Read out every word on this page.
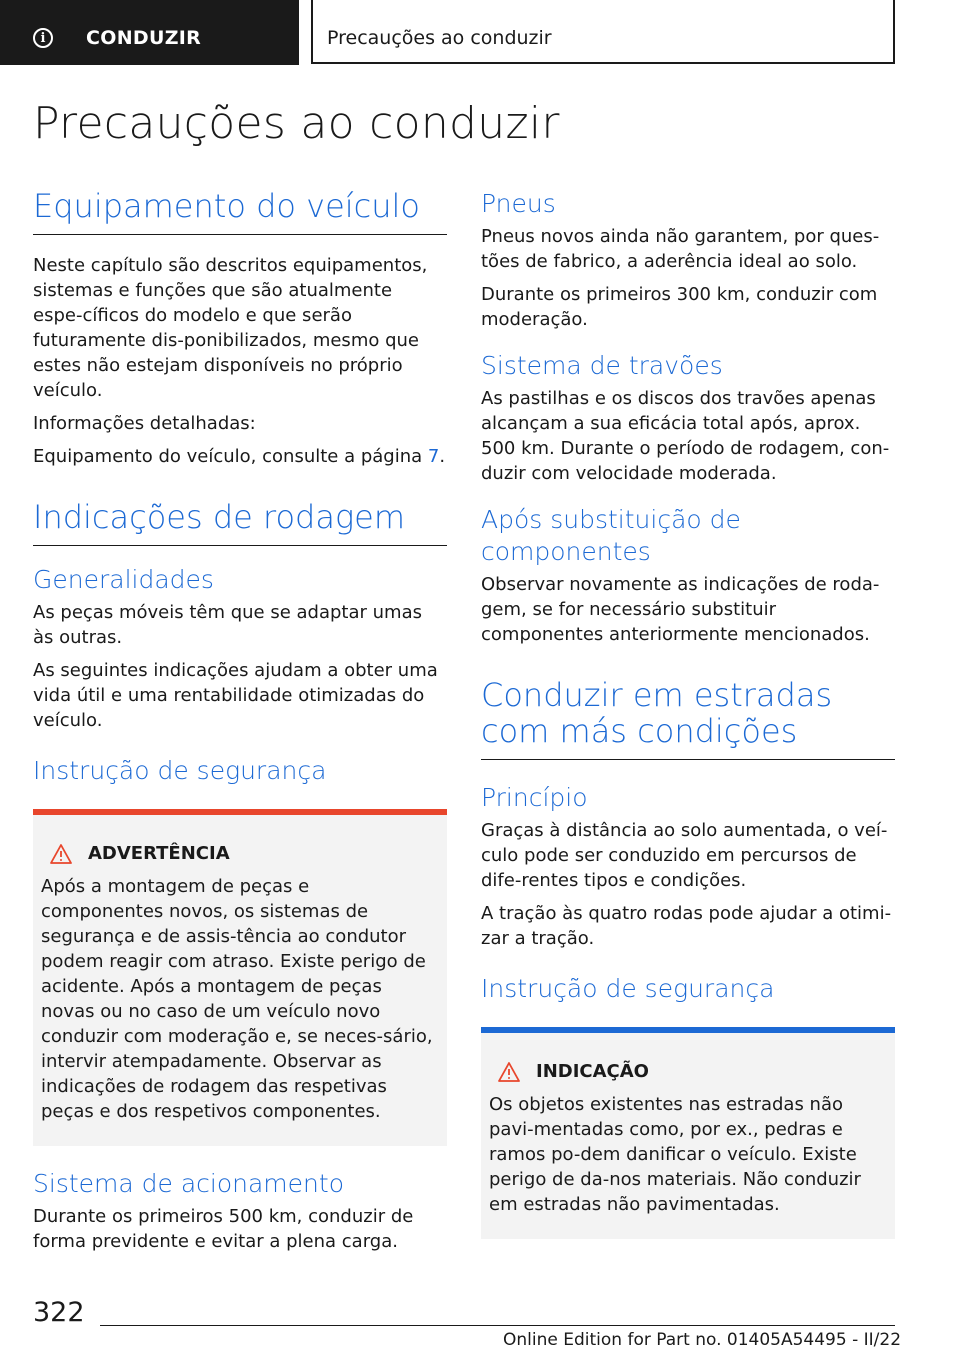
i	CONDUZIR	Precauções ao conduzir
Precauções ao conduzir
Equipamento do veículo

Neste capítulo são descritos equipamentos, sistemas e funções que são atualmente espe-cíficos do modelo e que serão futuramente dis-ponibilizados, mesmo que estes não estejam disponíveis no próprio veículo.

Informações detalhadas:

Equipamento do veículo, consulte a página 7.

Indicações de rodagem
Generalidades

As peças móveis têm que se adaptar umas às outras.

As seguintes indicações ajudam a obter uma vida útil e uma rentabilidade otimizadas do veículo.

Instrução de segurança
ADVERTÊNCIA

Após a montagem de peças e componentes novos, os sistemas de segurança e de assis-tência ao condutor podem reagir com atraso. Existe perigo de acidente. Após a montagem de peças novas ou no caso de um veículo novo conduzir com moderação e, se neces-sário, intervir atempadamente. Observar as indicações de rodagem das respetivas peças e dos respetivos componentes.

Sistema de acionamento

Durante os primeiros 500 km, conduzir de forma previdente e evitar a plena carga.

Pneus

Pneus novos ainda não garantem, por ques-tões de fabrico, a aderência ideal ao solo.

Durante os primeiros 300 km, conduzir com moderação.

Sistema de travões

As pastilhas e os discos dos travões apenas alcançam a sua eficácia total após, aprox. 500 km. Durante o período de rodagem, con-duzir com velocidade moderada.

Após substituição de componentes

Observar novamente as indicações de roda-gem, se for necessário substituir componentes anteriormente mencionados.

Conduzir em estradas com más condições
Princípio

Graças à distância ao solo aumentada, o veí-culo pode ser conduzido em percursos de dife-rentes tipos e condições.

A tração às quatro rodas pode ajudar a otimi-zar a tração.

Instrução de segurança
INDICAÇÃO

Os objetos existentes nas estradas não pavi-mentadas como, por ex., pedras e ramos po-dem danificar o veículo. Existe perigo de da-nos materiais. Não conduzir em estradas não pavimentadas.

322
Online Edition for Part no. 01405A54495 - II/22
